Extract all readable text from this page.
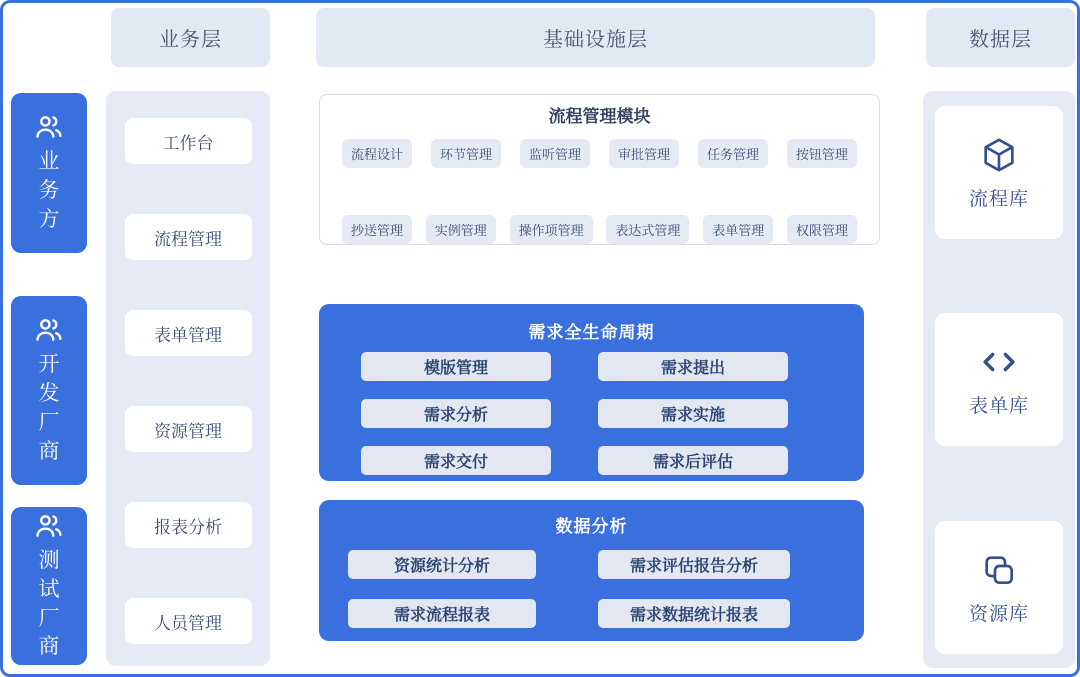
业务层	基础设施层	数据层
业务方
开发厂商
测试厂商
工作台
流程管理
表单管理
资源管理
报表分析
人员管理
流程管理模块
流程设计	环节管理	监听管理	审批管理	任务管理	按钮管理
抄送管理	实例管理	操作项管理	表达式管理	表单管理	权限管理
需求全生命周期
模版管理	需求提出
需求分析	需求实施
需求交付	需求后评估
数据分析
资源统计分析	需求评估报告分析
需求流程报表	需求数据统计报表
流程库
表单库
资源库
